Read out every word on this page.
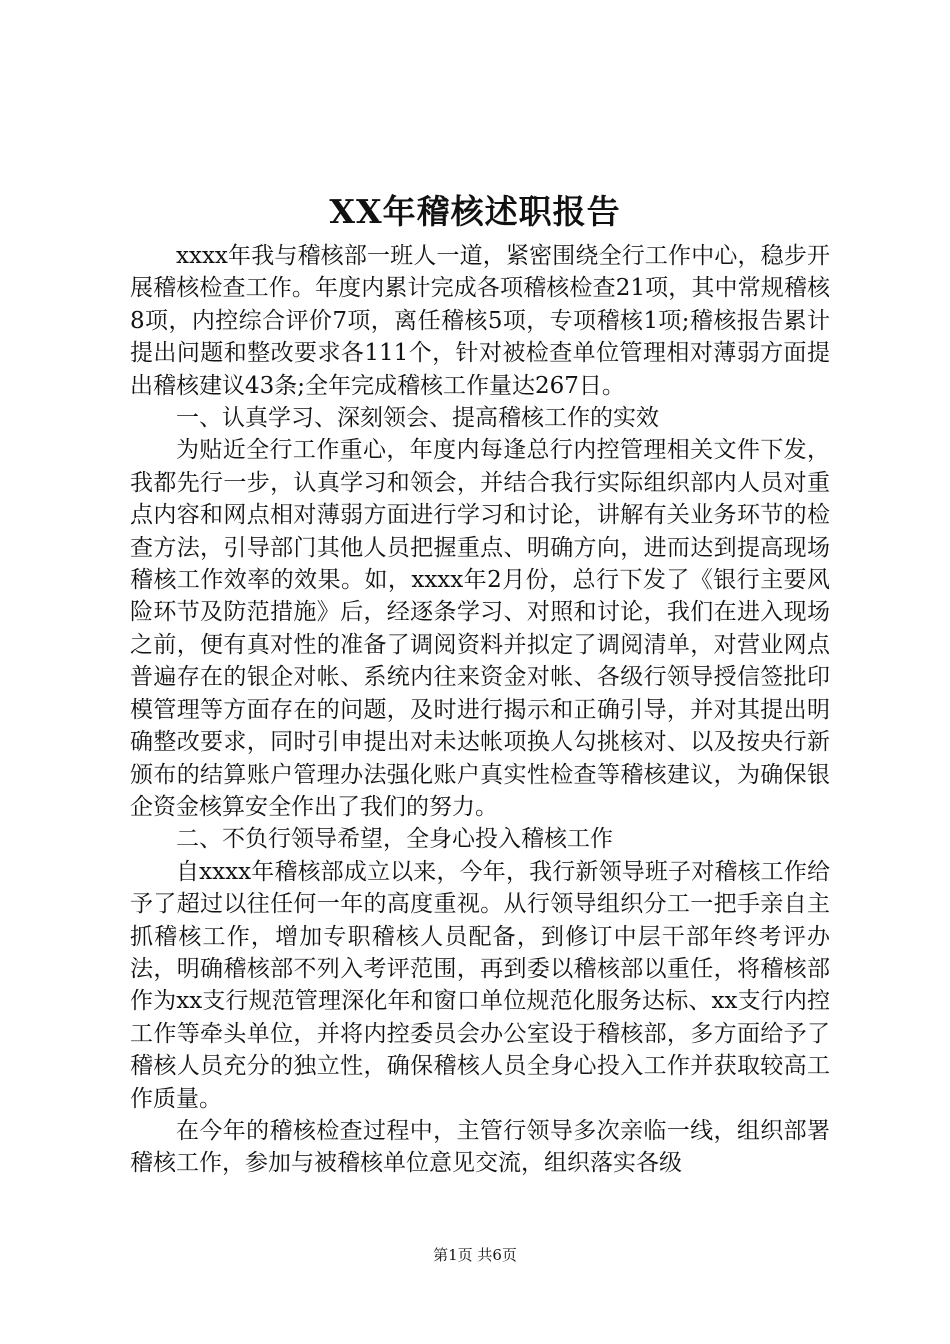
XX年稽核述职报告

xxxx年我与稽核部一班人一道，紧密围绕全行工作中心，稳步开展稽核检查工作。年度内累计完成各项稽核检查21项，其中常规稽核8项，内控综合评价7项，离任稽核5项，专项稽核1项;稽核报告累计提出问题和整改要求各111个，针对被检查单位管理相对薄弱方面提出稽核建议43条;全年完成稽核工作量达267日。

一、认真学习、深刻领会、提高稽核工作的实效

为贴近全行工作重心，年度内每逢总行内控管理相关文件下发，我都先行一步，认真学习和领会，并结合我行实际组织部内人员对重点内容和网点相对薄弱方面进行学习和讨论，讲解有关业务环节的检查方法，引导部门其他人员把握重点、明确方向，进而达到提高现场稽核工作效率的效果。如，xxxx年2月份，总行下发了《银行主要风险环节及防范措施》后，经逐条学习、对照和讨论，我们在进入现场之前，便有真对性的准备了调阅资料并拟定了调阅清单，对营业网点普遍存在的银企对帐、系统内往来资金对帐、各级行领导授信签批印模管理等方面存在的问题，及时进行揭示和正确引导，并对其提出明确整改要求，同时引申提出对未达帐项换人勾挑核对、以及按央行新颁布的结算账户管理办法强化账户真实性检查等稽核建议，为确保银企资金核算安全作出了我们的努力。

二、不负行领导希望，全身心投入稽核工作

自xxxx年稽核部成立以来，今年，我行新领导班子对稽核工作给予了超过以往任何一年的高度重视。从行领导组织分工一把手亲自主抓稽核工作，增加专职稽核人员配备，到修订中层干部年终考评办法，明确稽核部不列入考评范围，再到委以稽核部以重任，将稽核部作为xx支行规范管理深化年和窗口单位规范化服务达标、xx支行内控工作等牵头单位，并将内控委员会办公室设于稽核部，多方面给予了稽核人员充分的独立性，确保稽核人员全身心投入工作并获取较高工作质量。

在今年的稽核检查过程中，主管行领导多次亲临一线，组织部署稽核工作，参加与被稽核单位意见交流，组织落实各级

第1页 共6页
